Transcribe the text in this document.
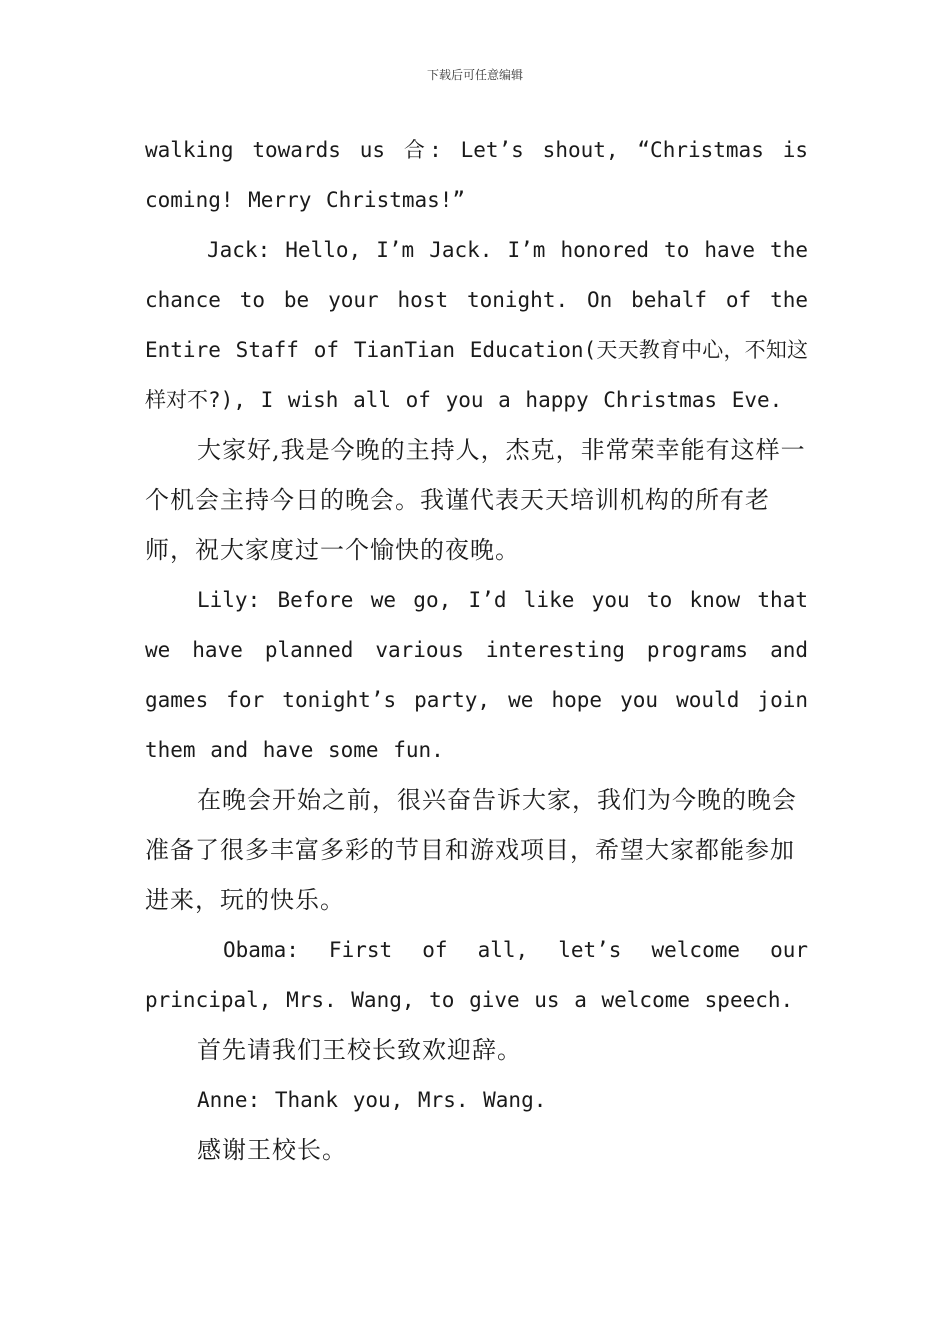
下载后可任意编辑

walking towards us 合: Let’s shout, “Christmas is coming! Merry Christmas!”

Jack: Hello, I’m Jack. I’m honored to have the chance to be your host tonight. On behalf of the Entire Staff of TianTian Education(天天教育中心，不知这样对不?), I wish all of you a happy Christmas Eve.

大家好,我是今晚的主持人，杰克，非常荣幸能有这样一个机会主持今日的晚会。我谨代表天天培训机构的所有老师，祝大家度过一个愉快的夜晚。

Lily: Before we go, I’d like you to know that we have planned various interesting programs and games for tonight’s party, we hope you would join them and have some fun.

在晚会开始之前，很兴奋告诉大家，我们为今晚的晚会准备了很多丰富多彩的节目和游戏项目，希望大家都能参加进来，玩的快乐。

Obama: First of all, let’s welcome our principal, Mrs. Wang, to give us a welcome speech.

首先请我们王校长致欢迎辞。

Anne: Thank you, Mrs. Wang.

感谢王校长。
